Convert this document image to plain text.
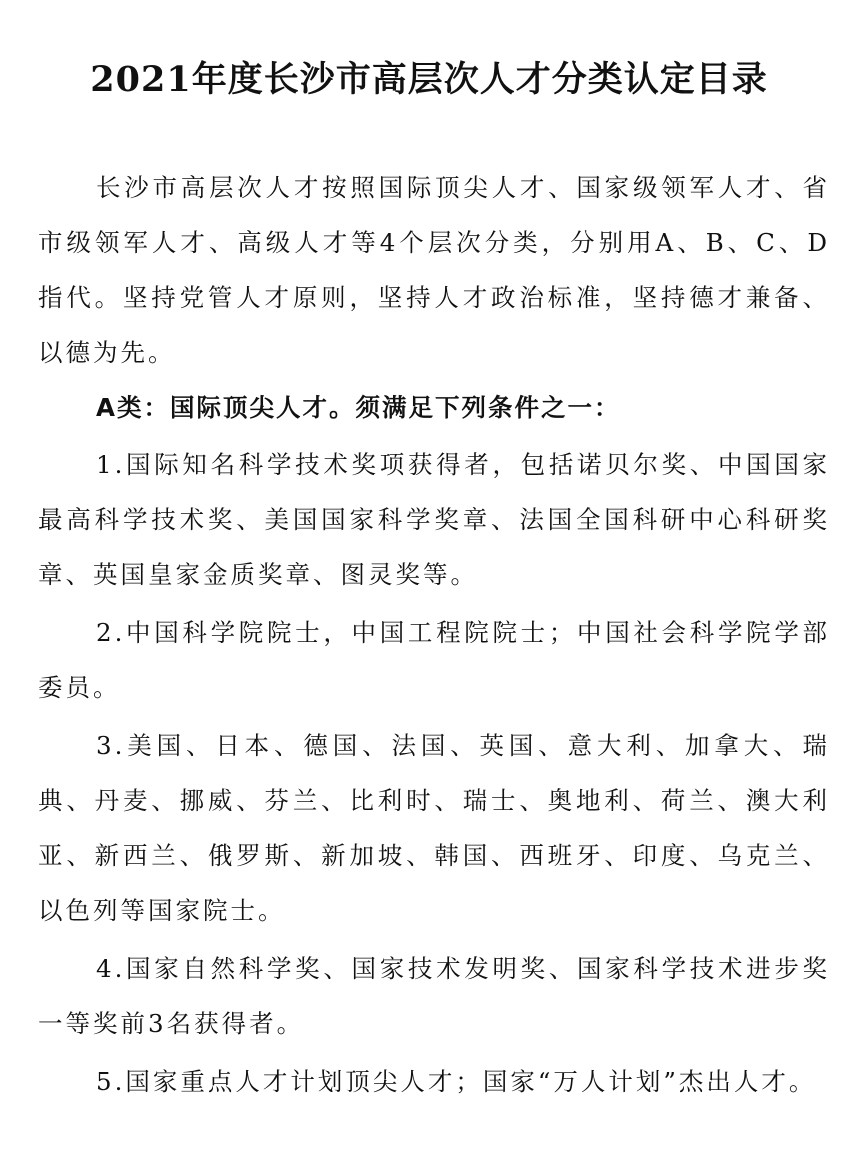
2021年度长沙市高层次人才分类认定目录

长沙市高层次人才按照国际顶尖人才、国家级领军人才、省市级领军人才、高级人才等4个层次分类，分别用A、B、C、D指代。坚持党管人才原则，坚持人才政治标准，坚持德才兼备、以德为先。

A类：国际顶尖人才。须满足下列条件之一：

1.国际知名科学技术奖项获得者，包括诺贝尔奖、中国国家最高科学技术奖、美国国家科学奖章、法国全国科研中心科研奖章、英国皇家金质奖章、图灵奖等。

2.中国科学院院士，中国工程院院士；中国社会科学院学部委员。

3.美国、日本、德国、法国、英国、意大利、加拿大、瑞典、丹麦、挪威、芬兰、比利时、瑞士、奥地利、荷兰、澳大利亚、新西兰、俄罗斯、新加坡、韩国、西班牙、印度、乌克兰、以色列等国家院士。

4.国家自然科学奖、国家技术发明奖、国家科学技术进步奖一等奖前3名获得者。

5.国家重点人才计划顶尖人才；国家“万人计划”杰出人才。
